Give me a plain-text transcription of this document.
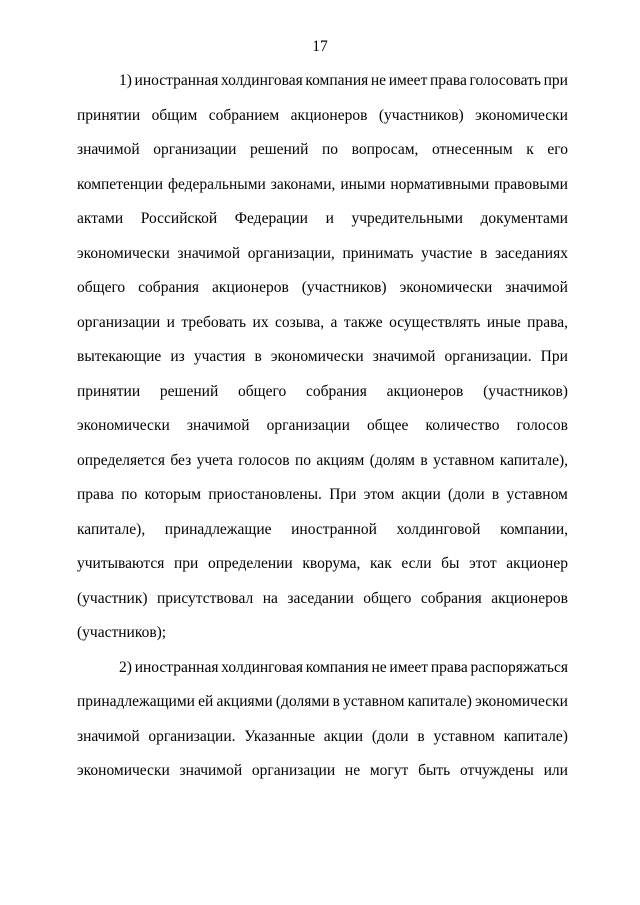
17
1) иностранная холдинговая компания не имеет права голосовать при
принятии общим собранием акционеров (участников) экономически
значимой организации решений по вопросам, отнесенным к его
компетенции федеральными законами, иными нормативными правовыми
актами Российской Федерации и учредительными документами
экономически значимой организации, принимать участие в заседаниях
общего собрания акционеров (участников) экономически значимой
организации и требовать их созыва, а также осуществлять иные права,
вытекающие из участия в экономически значимой организации. При
принятии решений общего собрания акционеров (участников)
экономически значимой организации общее количество голосов
определяется без учета голосов по акциям (долям в уставном капитале),
права по которым приостановлены. При этом акции (доли в уставном
капитале), принадлежащие иностранной холдинговой компании,
учитываются при определении кворума, как если бы этот акционер
(участник) присутствовал на заседании общего собрания акционеров
(участников);
2) иностранная холдинговая компания не имеет права распоряжаться
принадлежащими ей акциями (долями в уставном капитале) экономически
значимой организации. Указанные акции (доли в уставном капитале)
экономически значимой организации не могут быть отчуждены или
